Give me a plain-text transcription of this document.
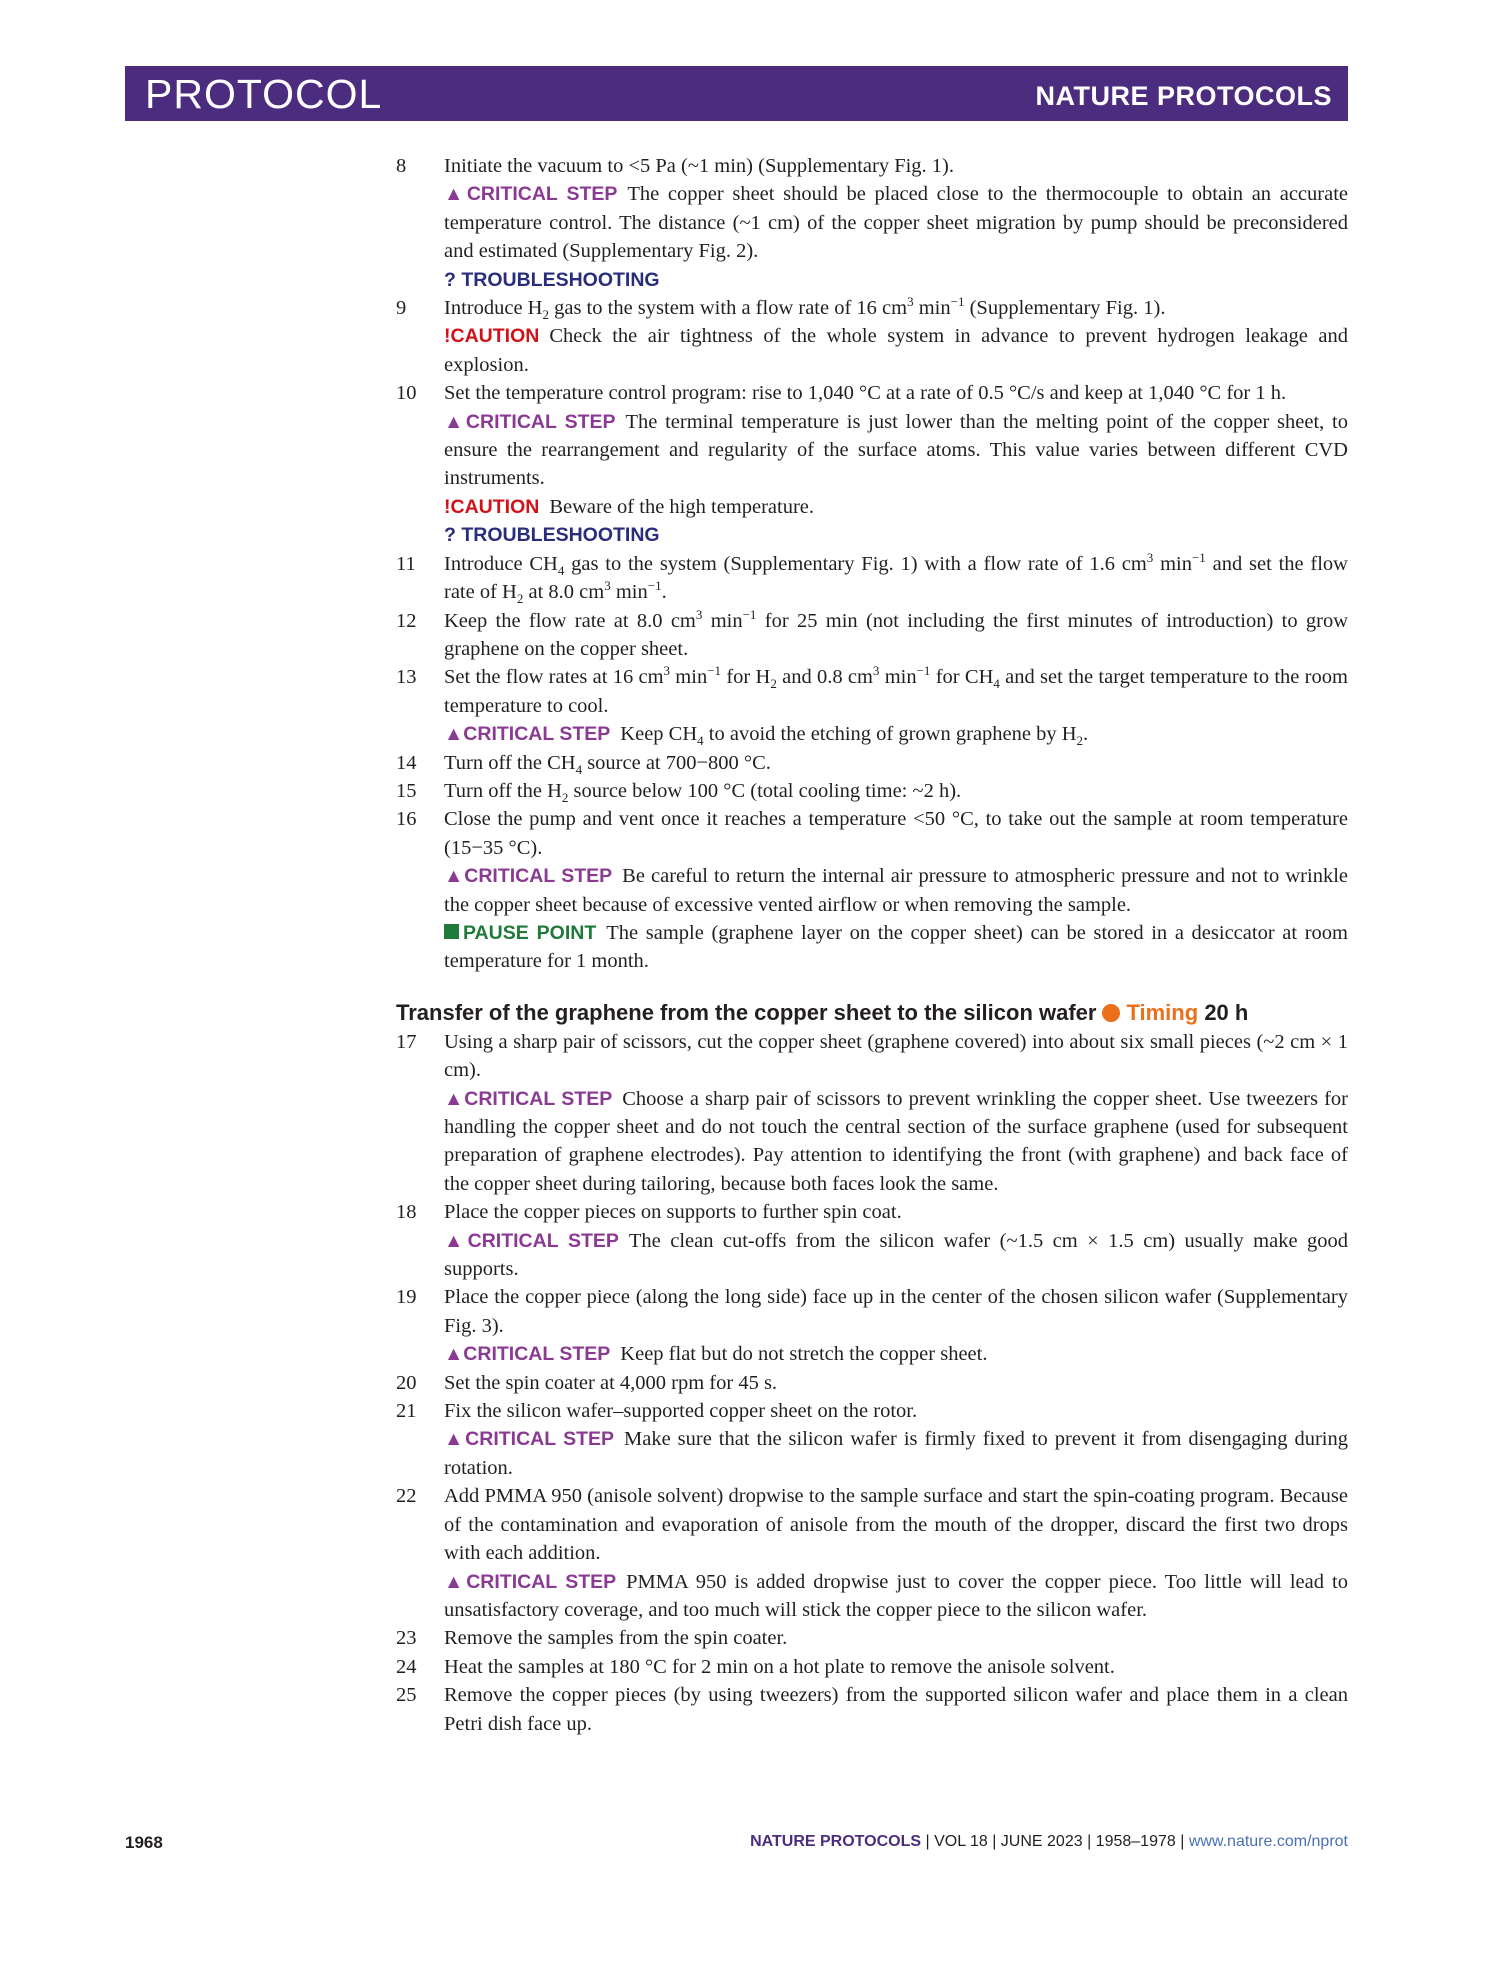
PROTOCOL	NATURE PROTOCOLS
8	Initiate the vacuum to <5 Pa (~1 min) (Supplementary Fig. 1).
▲CRITICAL STEP The copper sheet should be placed close to the thermocouple to obtain an accurate temperature control. The distance (~1 cm) of the copper sheet migration by pump should be preconsidered and estimated (Supplementary Fig. 2).
? TROUBLESHOOTING
9	Introduce $H_2$ gas to the system with a flow rate of 16 $cm^3$ $\min^{-1}$ (Supplementary Fig. 1).
!CAUTION Check the air tightness of the whole system in advance to prevent hydrogen leakage and explosion.
10	Set the temperature control program: rise to 1,040 °C at a rate of 0.5 °C/s and keep at 1,040 °C for 1 h.
▲CRITICAL STEP The terminal temperature is just lower than the melting point of the copper sheet, to ensure the rearrangement and regularity of the surface atoms. This value varies between different CVD instruments.
!CAUTION Beware of the high temperature.
? TROUBLESHOOTING
11	Introduce $CH_4$ gas to the system (Supplementary Fig. 1) with a flow rate of 1.6 $cm^3$ $\min^{-1}$ and set the flow rate of $H_2$ at 8.0 $cm^3$ $\min^{-1}$.
12	Keep the flow rate at 8.0 $cm^3$ $\min^{-1}$ for 25 min (not including the first minutes of introduction) to grow graphene on the copper sheet.
13	Set the flow rates at 16 $cm^3$ $\min^{-1}$ for $H_2$ and 0.8 $cm^3$ $\min^{-1}$ for $CH_4$ and set the target temperature to the room temperature to cool.
▲CRITICAL STEP Keep $CH_4$ to avoid the etching of grown graphene by $H_2$.
14	Turn off the $CH_4$ source at 700−800 °C.
15	Turn off the $H_2$ source below 100 °C (total cooling time: ~2 h).
16	Close the pump and vent once it reaches a temperature <50 °C, to take out the sample at room temperature (15−35 °C).
▲CRITICAL STEP Be careful to return the internal air pressure to atmospheric pressure and not to wrinkle the copper sheet because of excessive vented airflow or when removing the sample.
PAUSE POINT The sample (graphene layer on the copper sheet) can be stored in a desiccator at room temperature for 1 month.
Transfer of the graphene from the copper sheet to the silicon wafer Timing 20 h
17	Using a sharp pair of scissors, cut the copper sheet (graphene covered) into about six small pieces (~2 cm × 1 cm).
▲CRITICAL STEP Choose a sharp pair of scissors to prevent wrinkling the copper sheet. Use tweezers for handling the copper sheet and do not touch the central section of the surface graphene (used for subsequent preparation of graphene electrodes). Pay attention to identifying the front (with graphene) and back face of the copper sheet during tailoring, because both faces look the same.
18	Place the copper pieces on supports to further spin coat.
▲CRITICAL STEP The clean cut-offs from the silicon wafer (~1.5 cm × 1.5 cm) usually make good supports.
19	Place the copper piece (along the long side) face up in the center of the chosen silicon wafer (Supplementary Fig. 3).
▲CRITICAL STEP Keep flat but do not stretch the copper sheet.
20	Set the spin coater at 4,000 rpm for 45 s.
21	Fix the silicon wafer–supported copper sheet on the rotor.
▲CRITICAL STEP Make sure that the silicon wafer is firmly fixed to prevent it from disengaging during rotation.
22	Add PMMA 950 (anisole solvent) dropwise to the sample surface and start the spin-coating program. Because of the contamination and evaporation of anisole from the mouth of the dropper, discard the first two drops with each addition.
▲CRITICAL STEP PMMA 950 is added dropwise just to cover the copper piece. Too little will lead to unsatisfactory coverage, and too much will stick the copper piece to the silicon wafer.
23	Remove the samples from the spin coater.
24	Heat the samples at 180 °C for 2 min on a hot plate to remove the anisole solvent.
25	Remove the copper pieces (by using tweezers) from the supported silicon wafer and place them in a clean Petri dish face up.
1968	NATURE PROTOCOLS | VOL 18 | JUNE 2023 | 1958–1978 | www.nature.com/nprot
